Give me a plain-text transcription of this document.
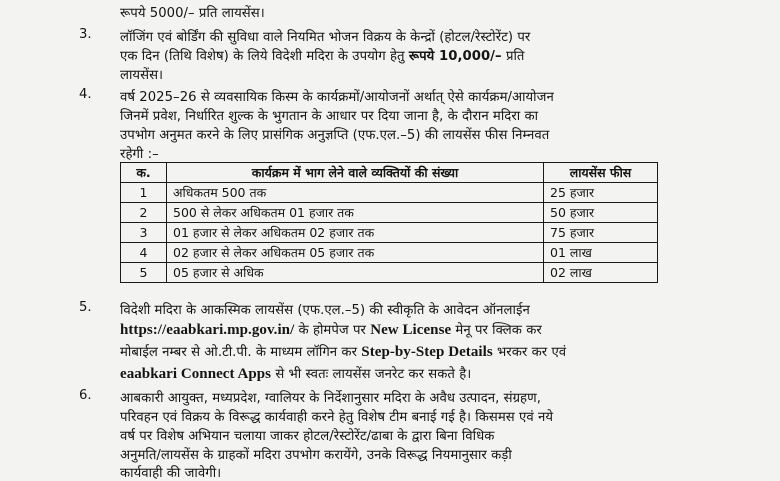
रूपये 5000/– प्रति लायसेंस।
3. लॉजिंग एवं बोर्डिंग की सुविधा वाले नियमित भोजन विक्रय के केन्द्रों (होटल/रेस्टोरेंट) पर
एक दिन (तिथि विशेष) के लिये विदेशी मदिरा के उपयोग हेतु रूपये 10,000/– प्रति
लायसेंस।
4. वर्ष 2025–26 से व्यवसायिक किस्म के कार्यक्रमों/आयोजनों अर्थात् ऐसे कार्यक्रम/आयोजन
जिनमें प्रवेश, निर्धारित शुल्क के भुगतान के आधार पर दिया जाना है, के दौरान मदिरा का
उपभोग अनुमत करने के लिए प्रासंगिक अनुज्ञप्ति (एफ.एल.–5) की लायसेंस फीस निम्नवत
रहेगी :–
क.	कार्यक्रम में भाग लेने वाले व्यक्तियों की संख्या	लायसेंस फीस
1	अधिकतम 500 तक	25 हजार
2	500 से लेकर अधिकतम 01 हजार तक	50 हजार
3	01 हजार से लेकर अधिकतम 02 हजार तक	75 हजार
4	02 हजार से लेकर अधिकतम 05 हजार तक	01 लाख
5	05 हजार से अधिक	02 लाख
5. विदेशी मदिरा के आकस्मिक लायसेंस (एफ.एल.–5) की स्वीकृति के आवेदन ऑनलाईन
https://eaabkari.mp.gov.in/ के होमपेज पर New License मेनू पर क्लिक कर
मोबाईल नम्बर से ओ.टी.पी. के माध्यम लॉगिन कर Step-by-Step Details भरकर कर एवं
eaabkari Connect Apps से भी स्वतः लायसेंस जनरेट कर सकते है।
6. आबकारी आयुक्त, मध्यप्रदेश, ग्वालियर के निर्देशानुसार मदिरा के अवैध उत्पादन, संग्रहण,
परिवहन एवं विक्रय के विरूद्ध कार्यवाही करने हेतु विशेष टीम बनाई गई है। किसमस एवं नये
वर्ष पर विशेष अभियान चलाया जाकर होटल/रेस्टोरेंट/ढाबा के द्वारा बिना विधिक
अनुमति/लायसेंस के ग्राहकों मदिरा उपभोग करायेंगे, उनके विरूद्ध नियमानुसार कड़ी
कार्यवाही की जावेगी।
